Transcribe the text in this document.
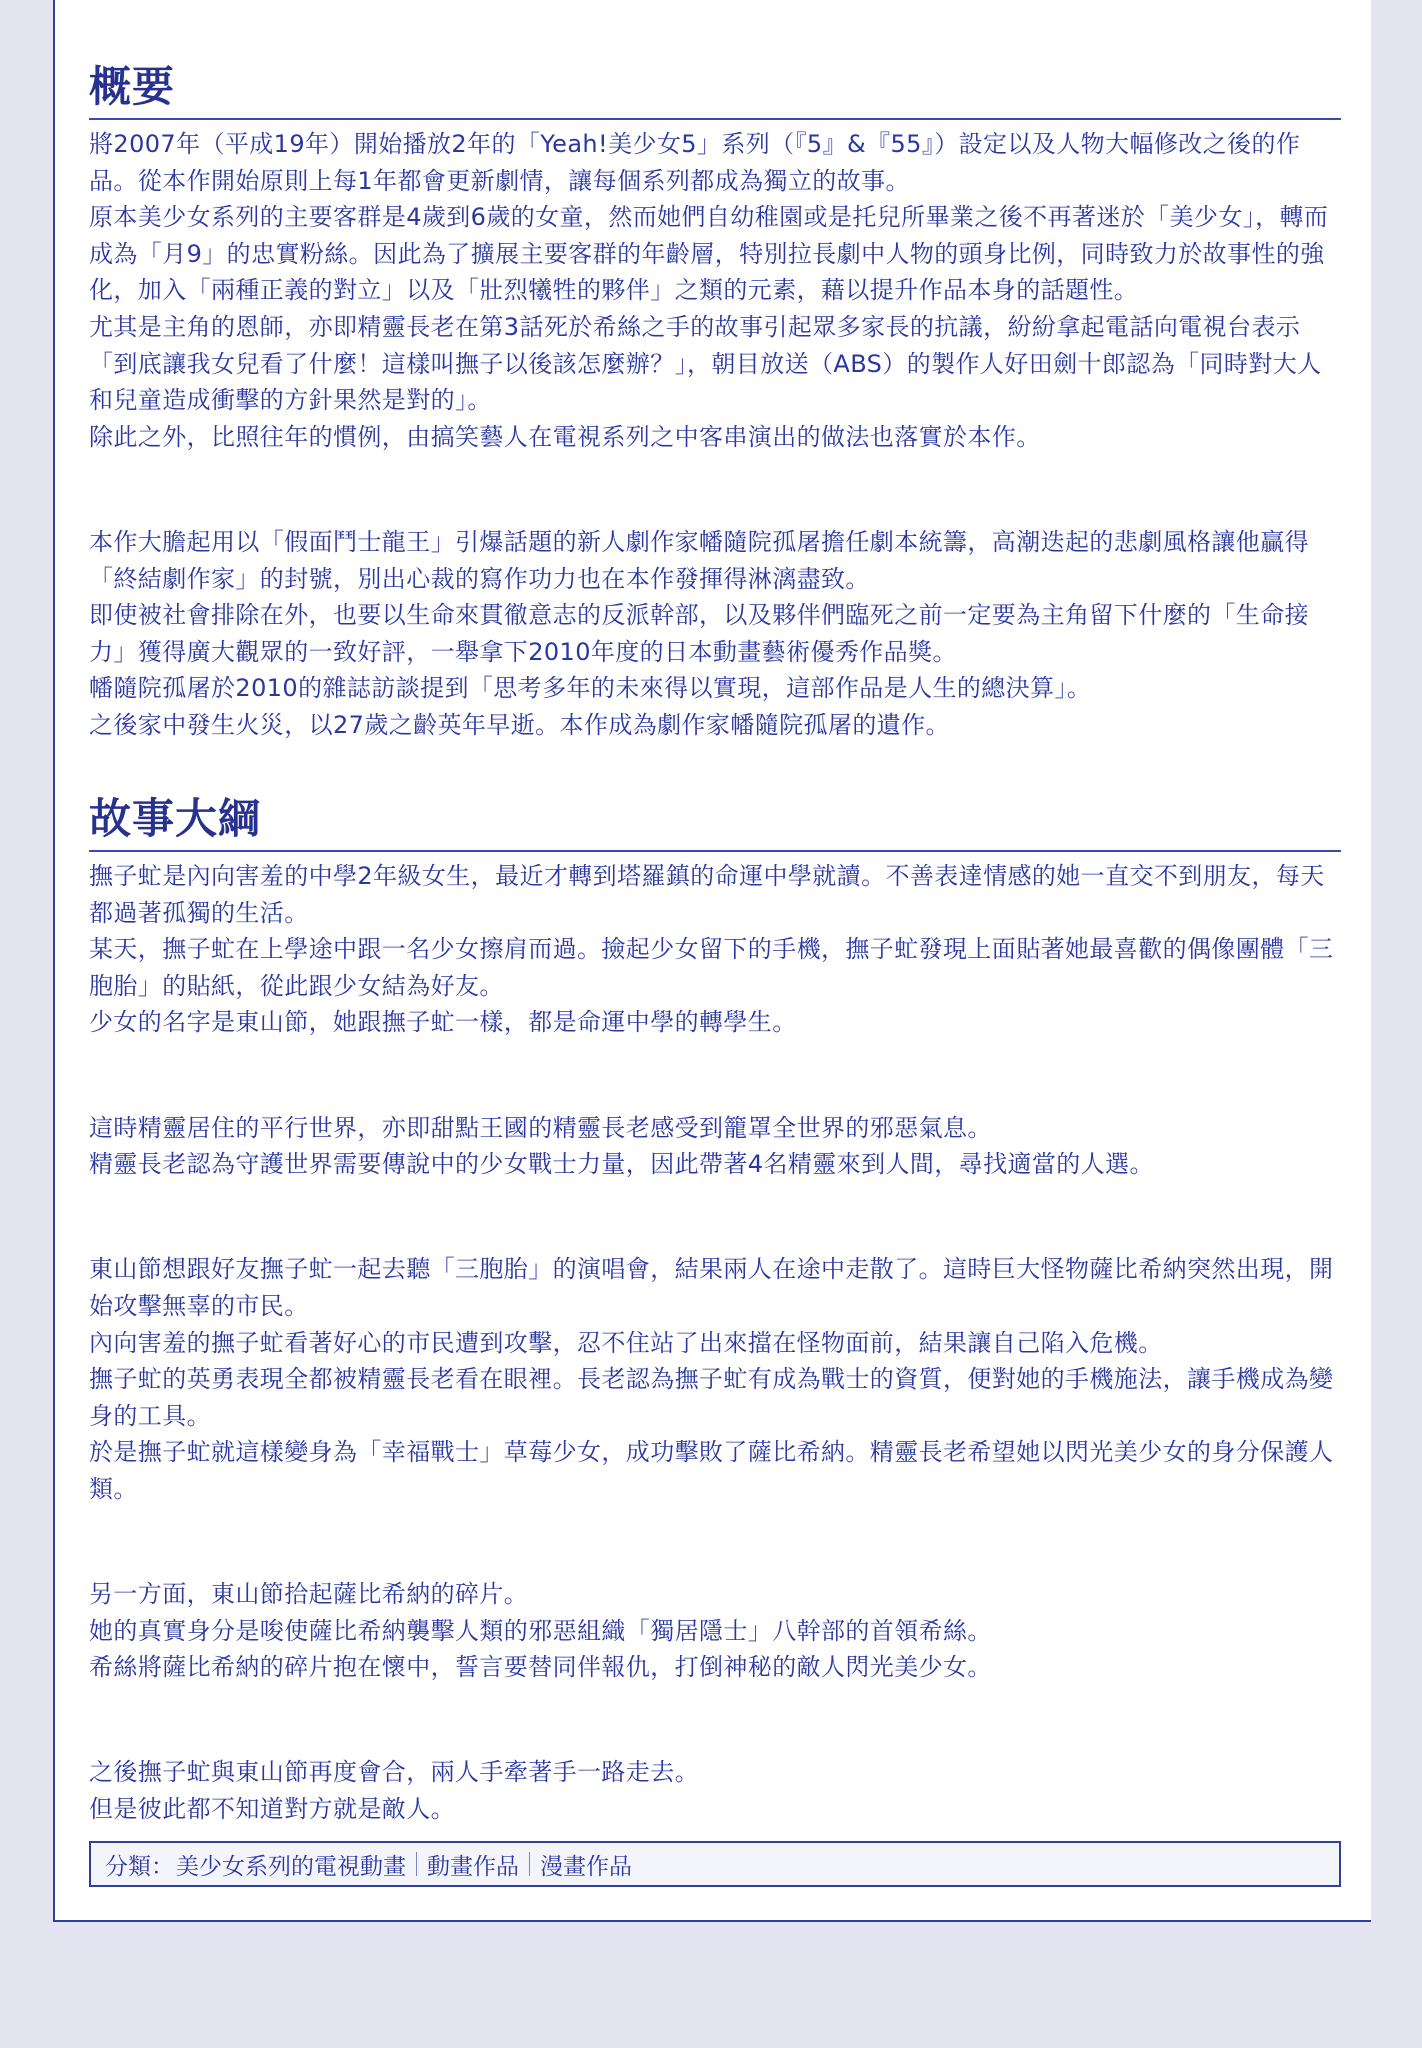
概要

將2007年（平成19年）開始播放2年的「Yeah!美少女5」系列（『5』&『55』）設定以及人物大幅修改之後的作品。從本作開始原則上每1年都會更新劇情，讓每個系列都成為獨立的故事。

原本美少女系列的主要客群是4歲到6歲的女童，然而她們自幼稚園或是托兒所畢業之後不再著迷於「美少女」，轉而成為「月9」的忠實粉絲。因此為了擴展主要客群的年齡層，特別拉長劇中人物的頭身比例，同時致力於故事性的強化，加入「兩種正義的對立」以及「壯烈犧牲的夥伴」之類的元素，藉以提升作品本身的話題性。

尤其是主角的恩師，亦即精靈長老在第3話死於希絲之手的故事引起眾多家長的抗議，紛紛拿起電話向電視台表示「到底讓我女兒看了什麼！這樣叫撫子以後該怎麼辦？」，朝目放送（ABS）的製作人好田劍十郎認為「同時對大人和兒童造成衝擊的方針果然是對的」。

除此之外，比照往年的慣例，由搞笑藝人在電視系列之中客串演出的做法也落實於本作。

本作大膽起用以「假面鬥士龍王」引爆話題的新人劇作家幡隨院孤屠擔任劇本統籌，高潮迭起的悲劇風格讓他贏得「終結劇作家」的封號，別出心裁的寫作功力也在本作發揮得淋漓盡致。

即使被社會排除在外，也要以生命來貫徹意志的反派幹部，以及夥伴們臨死之前一定要為主角留下什麼的「生命接力」獲得廣大觀眾的一致好評，一舉拿下2010年度的日本動畫藝術優秀作品獎。

幡隨院孤屠於2010的雜誌訪談提到「思考多年的未來得以實現，這部作品是人生的總決算」。

之後家中發生火災，以27歲之齡英年早逝。本作成為劇作家幡隨院孤屠的遺作。

故事大綱

撫子虻是內向害羞的中學2年級女生，最近才轉到塔羅鎮的命運中學就讀。不善表達情感的她一直交不到朋友，每天都過著孤獨的生活。

某天，撫子虻在上學途中跟一名少女擦肩而過。撿起少女留下的手機，撫子虻發現上面貼著她最喜歡的偶像團體「三胞胎」的貼紙，從此跟少女結為好友。

少女的名字是東山節，她跟撫子虻一樣，都是命運中學的轉學生。

這時精靈居住的平行世界，亦即甜點王國的精靈長老感受到籠罩全世界的邪惡氣息。

精靈長老認為守護世界需要傳說中的少女戰士力量，因此帶著4名精靈來到人間，尋找適當的人選。

東山節想跟好友撫子虻一起去聽「三胞胎」的演唱會，結果兩人在途中走散了。這時巨大怪物薩比希納突然出現，開始攻擊無辜的市民。

內向害羞的撫子虻看著好心的市民遭到攻擊，忍不住站了出來擋在怪物面前，結果讓自己陷入危機。

撫子虻的英勇表現全都被精靈長老看在眼裡。長老認為撫子虻有成為戰士的資質，便對她的手機施法，讓手機成為變身的工具。

於是撫子虻就這樣變身為「幸福戰士」草莓少女，成功擊敗了薩比希納。精靈長老希望她以閃光美少女的身分保護人類。

另一方面，東山節拾起薩比希納的碎片。

她的真實身分是唆使薩比希納襲擊人類的邪惡組織「獨居隱士」八幹部的首領希絲。

希絲將薩比希納的碎片抱在懷中，誓言要替同伴報仇，打倒神秘的敵人閃光美少女。

之後撫子虻與東山節再度會合，兩人手牽著手一路走去。

但是彼此都不知道對方就是敵人。

分類： 美少女系列的電視動畫 動畫作品 漫畫作品
